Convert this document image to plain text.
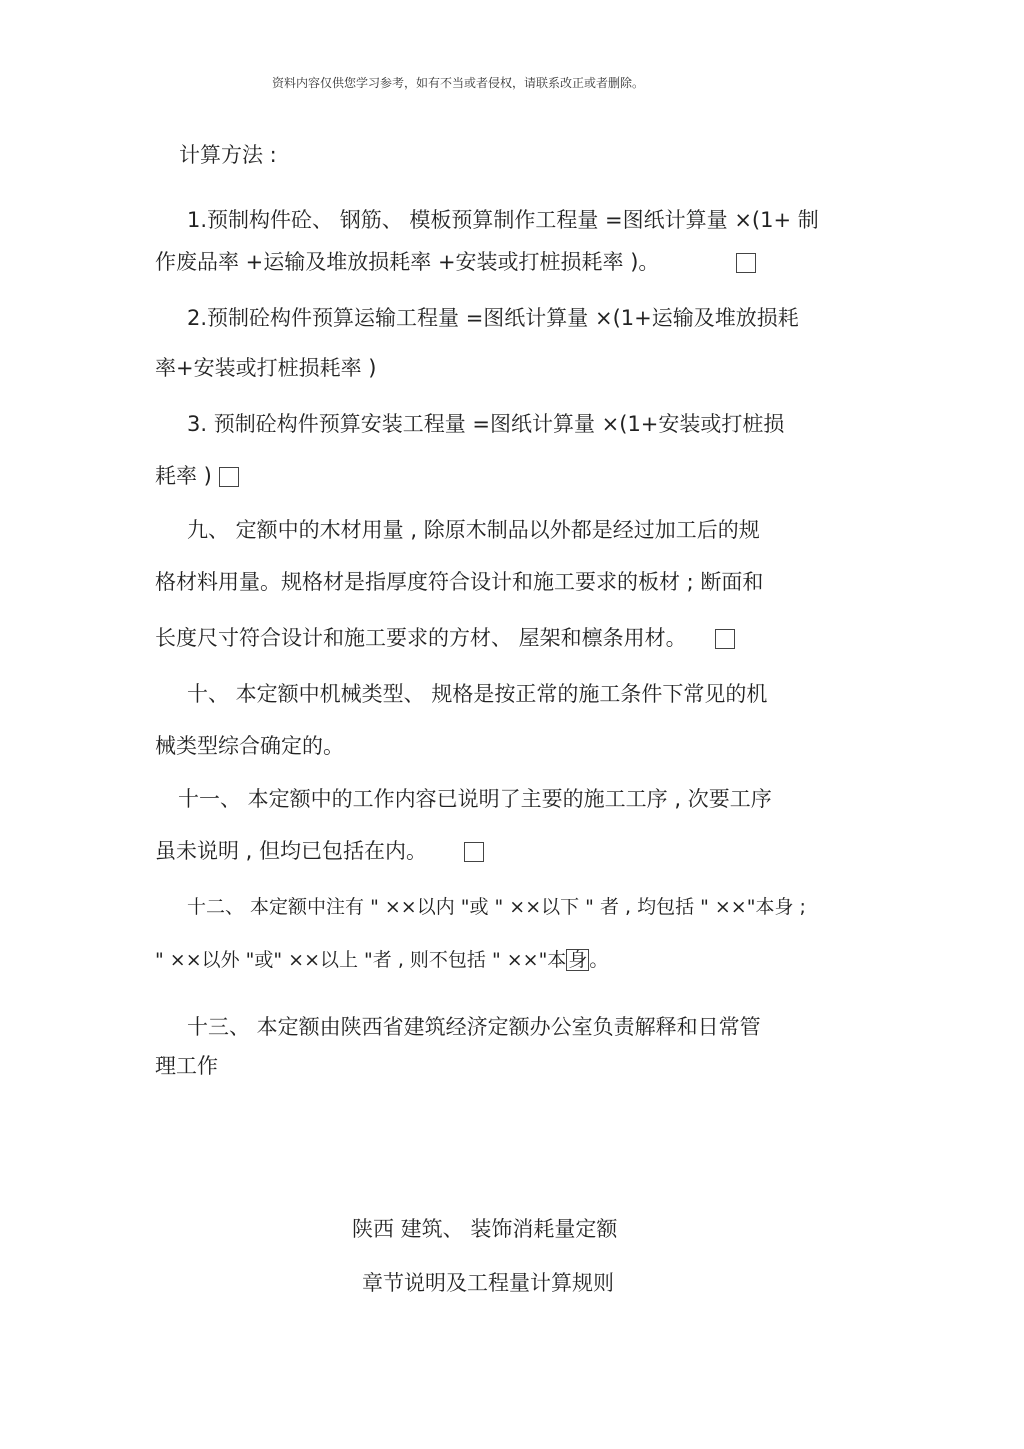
资料内容仅供您学习参考，如有不当或者侵权，请联系改正或者删除。
计算方法 :
1.预制构件砼、 钢筋、 模板预算制作工程量 =图纸计算量 ×(1+ 制
作废品率 +运输及堆放损耗率 +安装或打桩损耗率 )。
2.预制砼构件预算运输工程量 =图纸计算量 ×(1+运输及堆放损耗
率+安装或打桩损耗率 )
3. 预制砼构件预算安装工程量 =图纸计算量 ×(1+安装或打桩损
耗率 )
九、 定额中的木材用量 , 除原木制品以外都是经过加工后的规
格材料用量。规格材是指厚度符合设计和施工要求的板材 ; 断面和
长度尺寸符合设计和施工要求的方材、 屋架和檩条用材。
十、 本定额中机械类型、 规格是按正常的施工条件下常见的机
械类型综合确定的。
十一、 本定额中的工作内容已说明了主要的施工工序 , 次要工序
虽未说明 , 但均已包括在内。
十二、 本定额中注有 " ××以内 "或 " ××以下 " 者 , 均包括 " ××"本身 ;
" ××以外 "或" ××以上 "者 , 则不包括 " ××"本 身 。
十三、 本定额由陕西省建筑经济定额办公室负责解释和日常管
理工作
陕西 建筑、 装饰消耗量定额
章节说明及工程量计算规则
